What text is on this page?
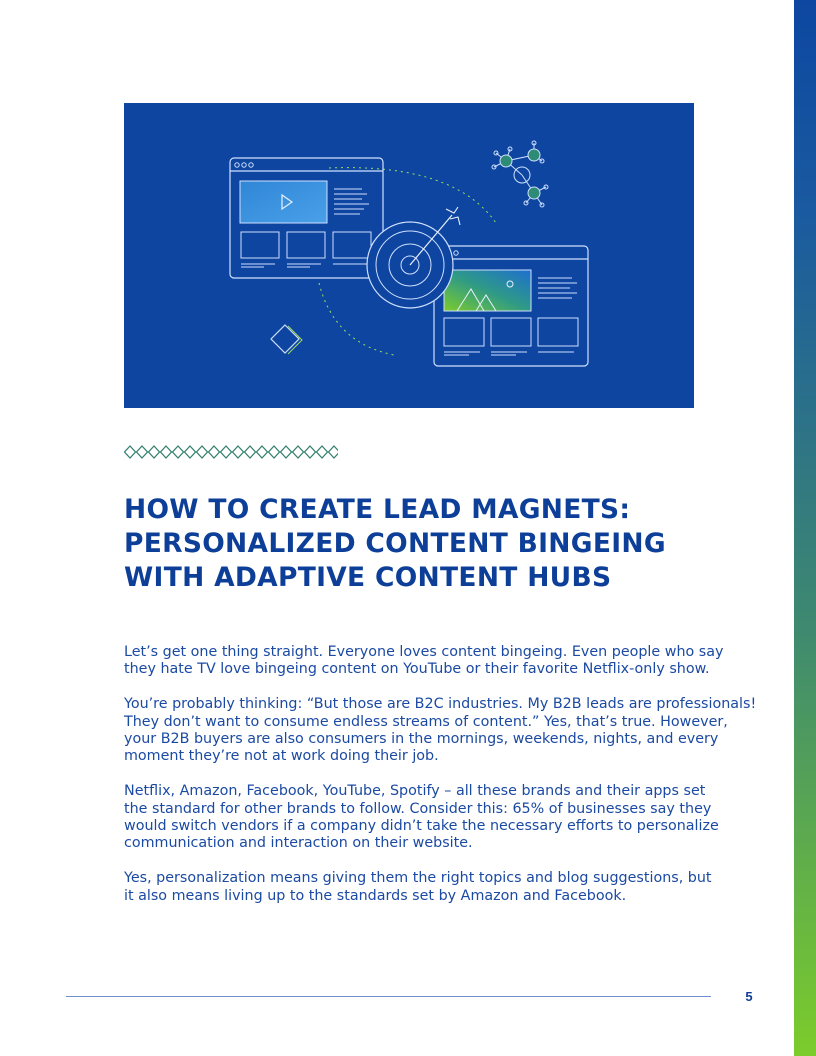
HOW TO CREATE LEAD MAGNETS:
PERSONALIZED CONTENT BINGEING
WITH ADAPTIVE CONTENT HUBS

Let’s get one thing straight. Everyone loves content bingeing. Even people who say
they hate TV love bingeing content on YouTube or their favorite Netflix-only show.

You’re probably thinking: “But those are B2C industries. My B2B leads are professionals!
They don’t want to consume endless streams of content.” Yes, that’s true. However,
your B2B buyers are also consumers in the mornings, weekends, nights, and every
moment they’re not at work doing their job.

Netflix, Amazon, Facebook, YouTube, Spotify – all these brands and their apps set
the standard for other brands to follow. Consider this: 65% of businesses say they
would switch vendors if a company didn’t take the necessary efforts to personalize
communication and interaction on their website.

Yes, personalization means giving them the right topics and blog suggestions, but
it also means living up to the standards set by Amazon and Facebook.

5
